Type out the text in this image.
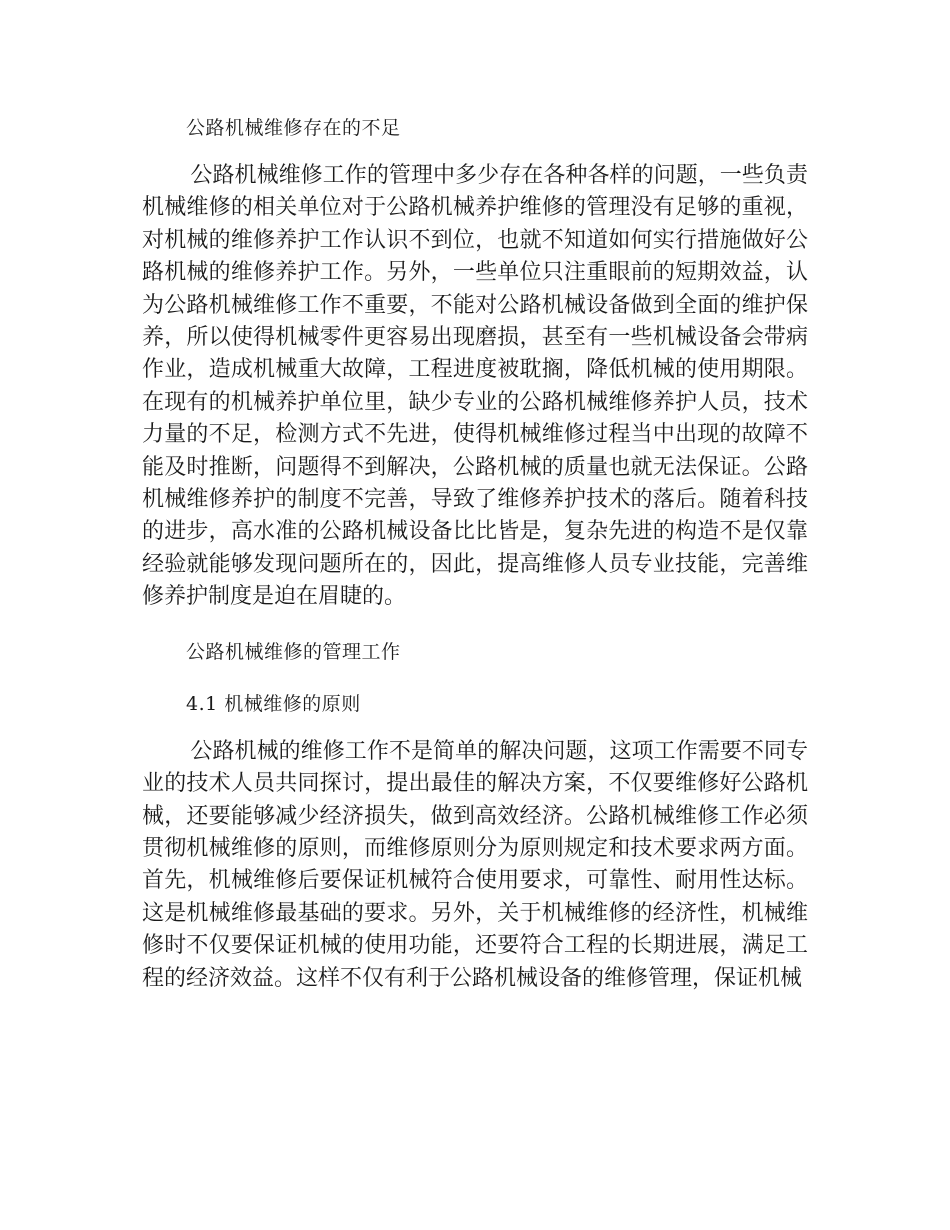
公路机械维修存在的不足

公路机械维修工作的管理中多少存在各种各样的问题，一些负责机械维修的相关单位对于公路机械养护维修的管理没有足够的重视，对机械的维修养护工作认识不到位，也就不知道如何实行措施做好公路机械的维修养护工作。另外，一些单位只注重眼前的短期效益，认为公路机械维修工作不重要，不能对公路机械设备做到全面的维护保养，所以使得机械零件更容易出现磨损，甚至有一些机械设备会带病作业，造成机械重大故障，工程进度被耽搁，降低机械的使用期限。在现有的机械养护单位里，缺少专业的公路机械维修养护人员，技术力量的不足，检测方式不先进，使得机械维修过程当中出现的故障不能及时推断，问题得不到解决，公路机械的质量也就无法保证。公路机械维修养护的制度不完善，导致了维修养护技术的落后。随着科技的进步，高水准的公路机械设备比比皆是，复杂先进的构造不是仅靠经验就能够发现问题所在的，因此，提高维修人员专业技能，完善维修养护制度是迫在眉睫的。

公路机械维修的管理工作
4.1 机械维修的原则

公路机械的维修工作不是简单的解决问题，这项工作需要不同专业的技术人员共同探讨，提出最佳的解决方案，不仅要维修好公路机械，还要能够减少经济损失，做到高效经济。公路机械维修工作必须贯彻机械维修的原则，而维修原则分为原则规定和技术要求两方面。首先，机械维修后要保证机械符合使用要求，可靠性、耐用性达标。这是机械维修最基础的要求。另外，关于机械维修的经济性，机械维修时不仅要保证机械的使用功能，还要符合工程的长期进展，满足工程的经济效益。这样不仅有利于公路机械设备的维修管理，保证机械
